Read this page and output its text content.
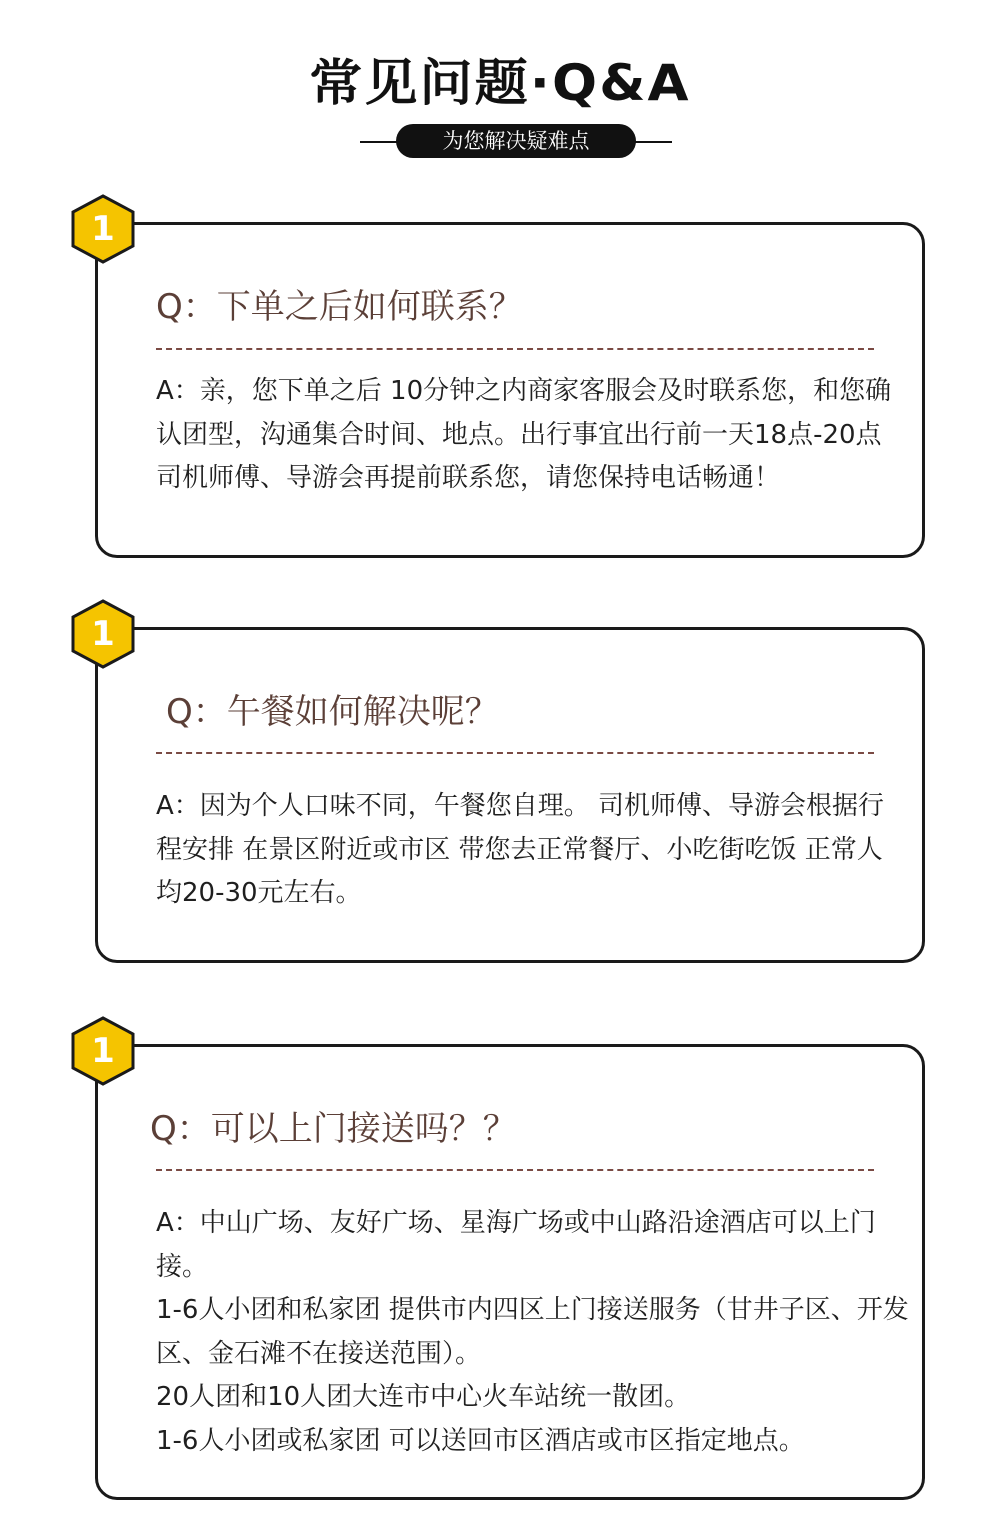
常见问题·Q&A
为您解决疑难点
Q：下单之后如何联系？

A：亲，您下单之后 10分钟之内商家客服会及时联系您，和您确认团型，沟通集合时间、地点。出行事宜出行前一天18点-20点 司机师傅、导游会再提前联系您，请您保持电话畅通！

1
Q：午餐如何解决呢？

A：因为个人口味不同，午餐您自理。 司机师傅、导游会根据行程安排 在景区附近或市区 带您去正常餐厅、小吃街吃饭 正常人均20-30元左右。

1
Q：可以上门接送吗？？

A：中山广场、友好广场、星海广场或中山路沿途酒店可以上门接。

1-6人小团和私家团 提供市内四区上门接送服务（甘井子区、开发区、金石滩不在接送范围）。

20人团和10人团大连市中心火车站统一散团。

1-6人小团或私家团 可以送回市区酒店或市区指定地点。

1
